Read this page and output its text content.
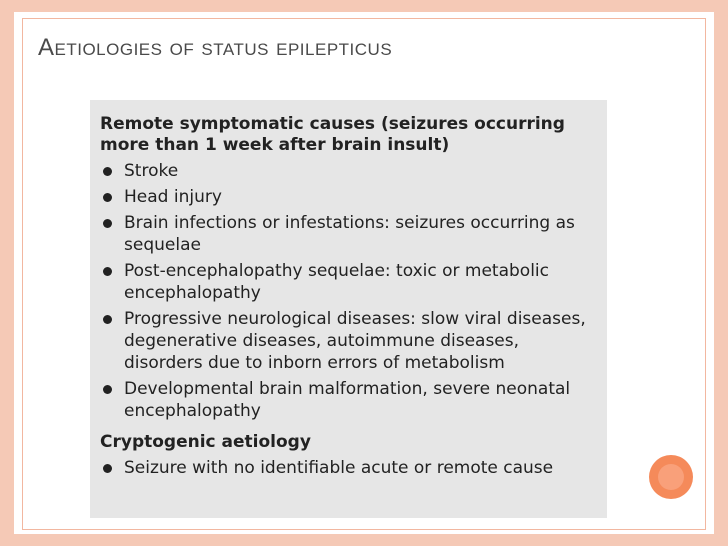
Aetiologies of status epilepticus

Remote symptomatic causes (seizures occurring more than 1 week after brain insult)

Stroke
Head injury
Brain infections or infestations: seizures occurring as sequelae
Post-encephalopathy sequelae: toxic or metabolic encephalopathy
Progressive neurological diseases: slow viral diseases, degenerative diseases, autoimmune diseases, disorders due to inborn errors of metabolism
Developmental brain malformation, severe neonatal encephalopathy

Cryptogenic aetiology

Seizure with no identifiable acute or remote cause
